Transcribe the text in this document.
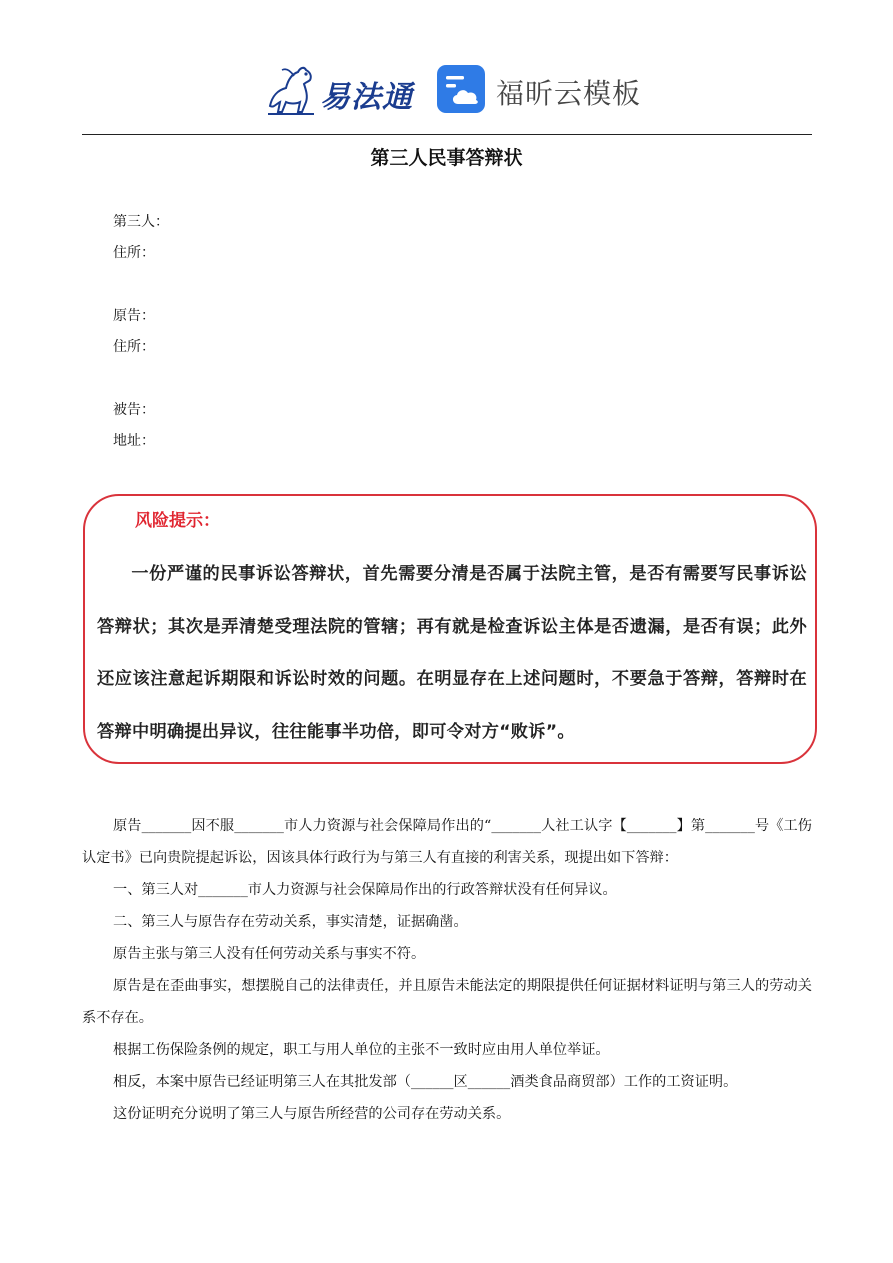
易法通	福昕云模板
第三人民事答辩状
第三人：
住所：
原告：
住所：
被告：
地址：
风险提示：
一份严谨的民事诉讼答辩状，首先需要分清是否属于法院主管，是否有需要写民事诉讼答辩状；其次是弄清楚受理法院的管辖；再有就是检查诉讼主体是否遗漏，是否有误；此外还应该注意起诉期限和诉讼时效的问题。在明显存在上述问题时，不要急于答辩，答辩时在答辩中明确提出异议，往往能事半功倍，即可令对方“败诉”。
原告_______因不服_______市人力资源与社会保障局作出的“_______人社工认字【_______】第_______号《工伤认定书》已向贵院提起诉讼，因该具体行政行为与第三人有直接的利害关系，现提出如下答辩：
一、第三人对_______市人力资源与社会保障局作出的行政答辩状没有任何异议。
二、第三人与原告存在劳动关系，事实清楚，证据确凿。
原告主张与第三人没有任何劳动关系与事实不符。
原告是在歪曲事实，想摆脱自己的法律责任，并且原告未能法定的期限提供任何证据材料证明与第三人的劳动关系不存在。
根据工伤保险条例的规定，职工与用人单位的主张不一致时应由用人单位举证。
相反，本案中原告已经证明第三人在其批发部（______区______酒类食品商贸部）工作的工资证明。
这份证明充分说明了第三人与原告所经营的公司存在劳动关系。
